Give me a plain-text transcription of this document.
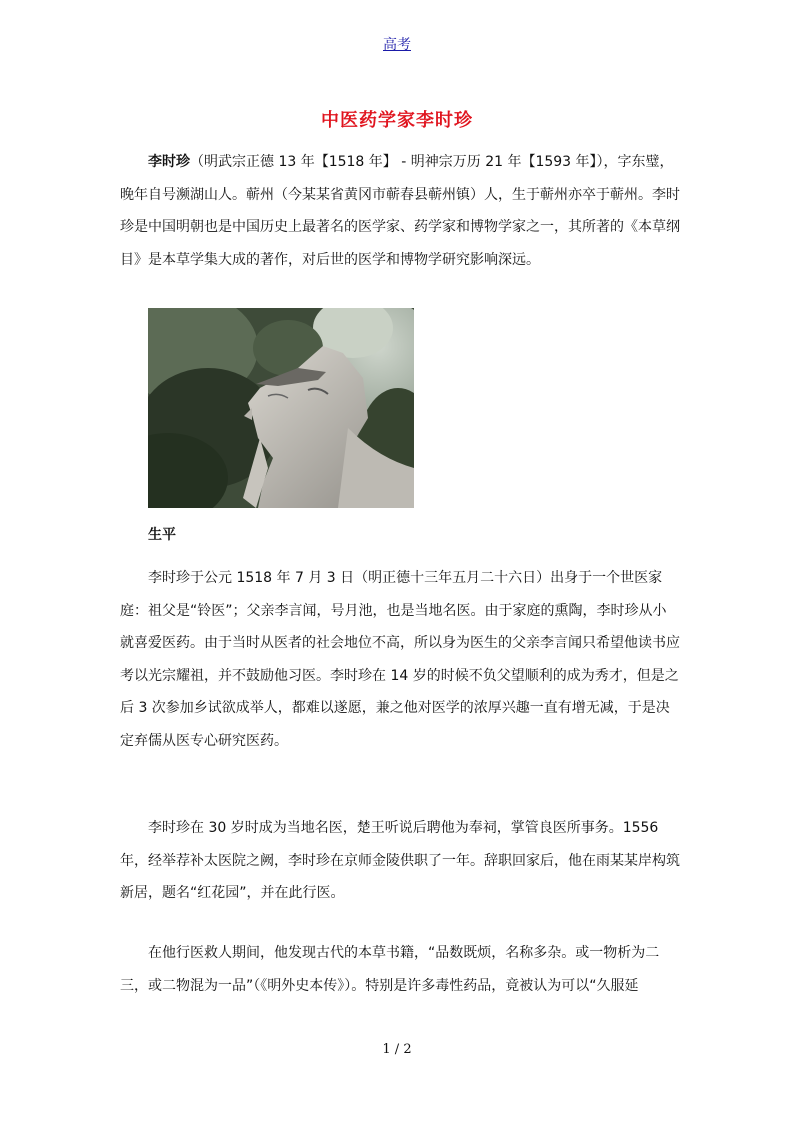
高考
中医药学家李时珍

李时珍（明武宗正德 13 年【1518 年】 - 明神宗万历 21 年【1593 年】），字东璧，晚年自号濒湖山人。蕲州（今某某省黄冈市蕲春县蕲州镇）人，生于蕲州亦卒于蕲州。李时珍是中国明朝也是中国历史上最著名的医学家、药学家和博物学家之一，其所著的《本草纲目》是本草学集大成的著作，对后世的医学和博物学研究影响深远。

生平

李时珍于公元 1518 年 7 月 3 日（明正德十三年五月二十六日）出身于一个世医家庭：祖父是“铃医”；父亲李言闻，号月池，也是当地名医。由于家庭的熏陶，李时珍从小就喜爱医药。由于当时从医者的社会地位不高，所以身为医生的父亲李言闻只希望他读书应考以光宗耀祖，并不鼓励他习医。李时珍在 14 岁的时候不负父望顺利的成为秀才，但是之后 3 次参加乡试欲成举人，都难以遂愿，兼之他对医学的浓厚兴趣一直有增无减，于是决定弃儒从医专心研究医药。

李时珍在 30 岁时成为当地名医，楚王听说后聘他为奉祠，掌管良医所事务。1556 年，经举荐补太医院之阙，李时珍在京师金陵供职了一年。辞职回家后，他在雨某某岸构筑新居，题名“红花园”，并在此行医。

在他行医救人期间，他发现古代的本草书籍，“品数既烦，名称多杂。或一物析为二三，或二物混为一品”（《明外史本传》）。特别是许多毒性药品，竟被认为可以“久服延

1 / 2
